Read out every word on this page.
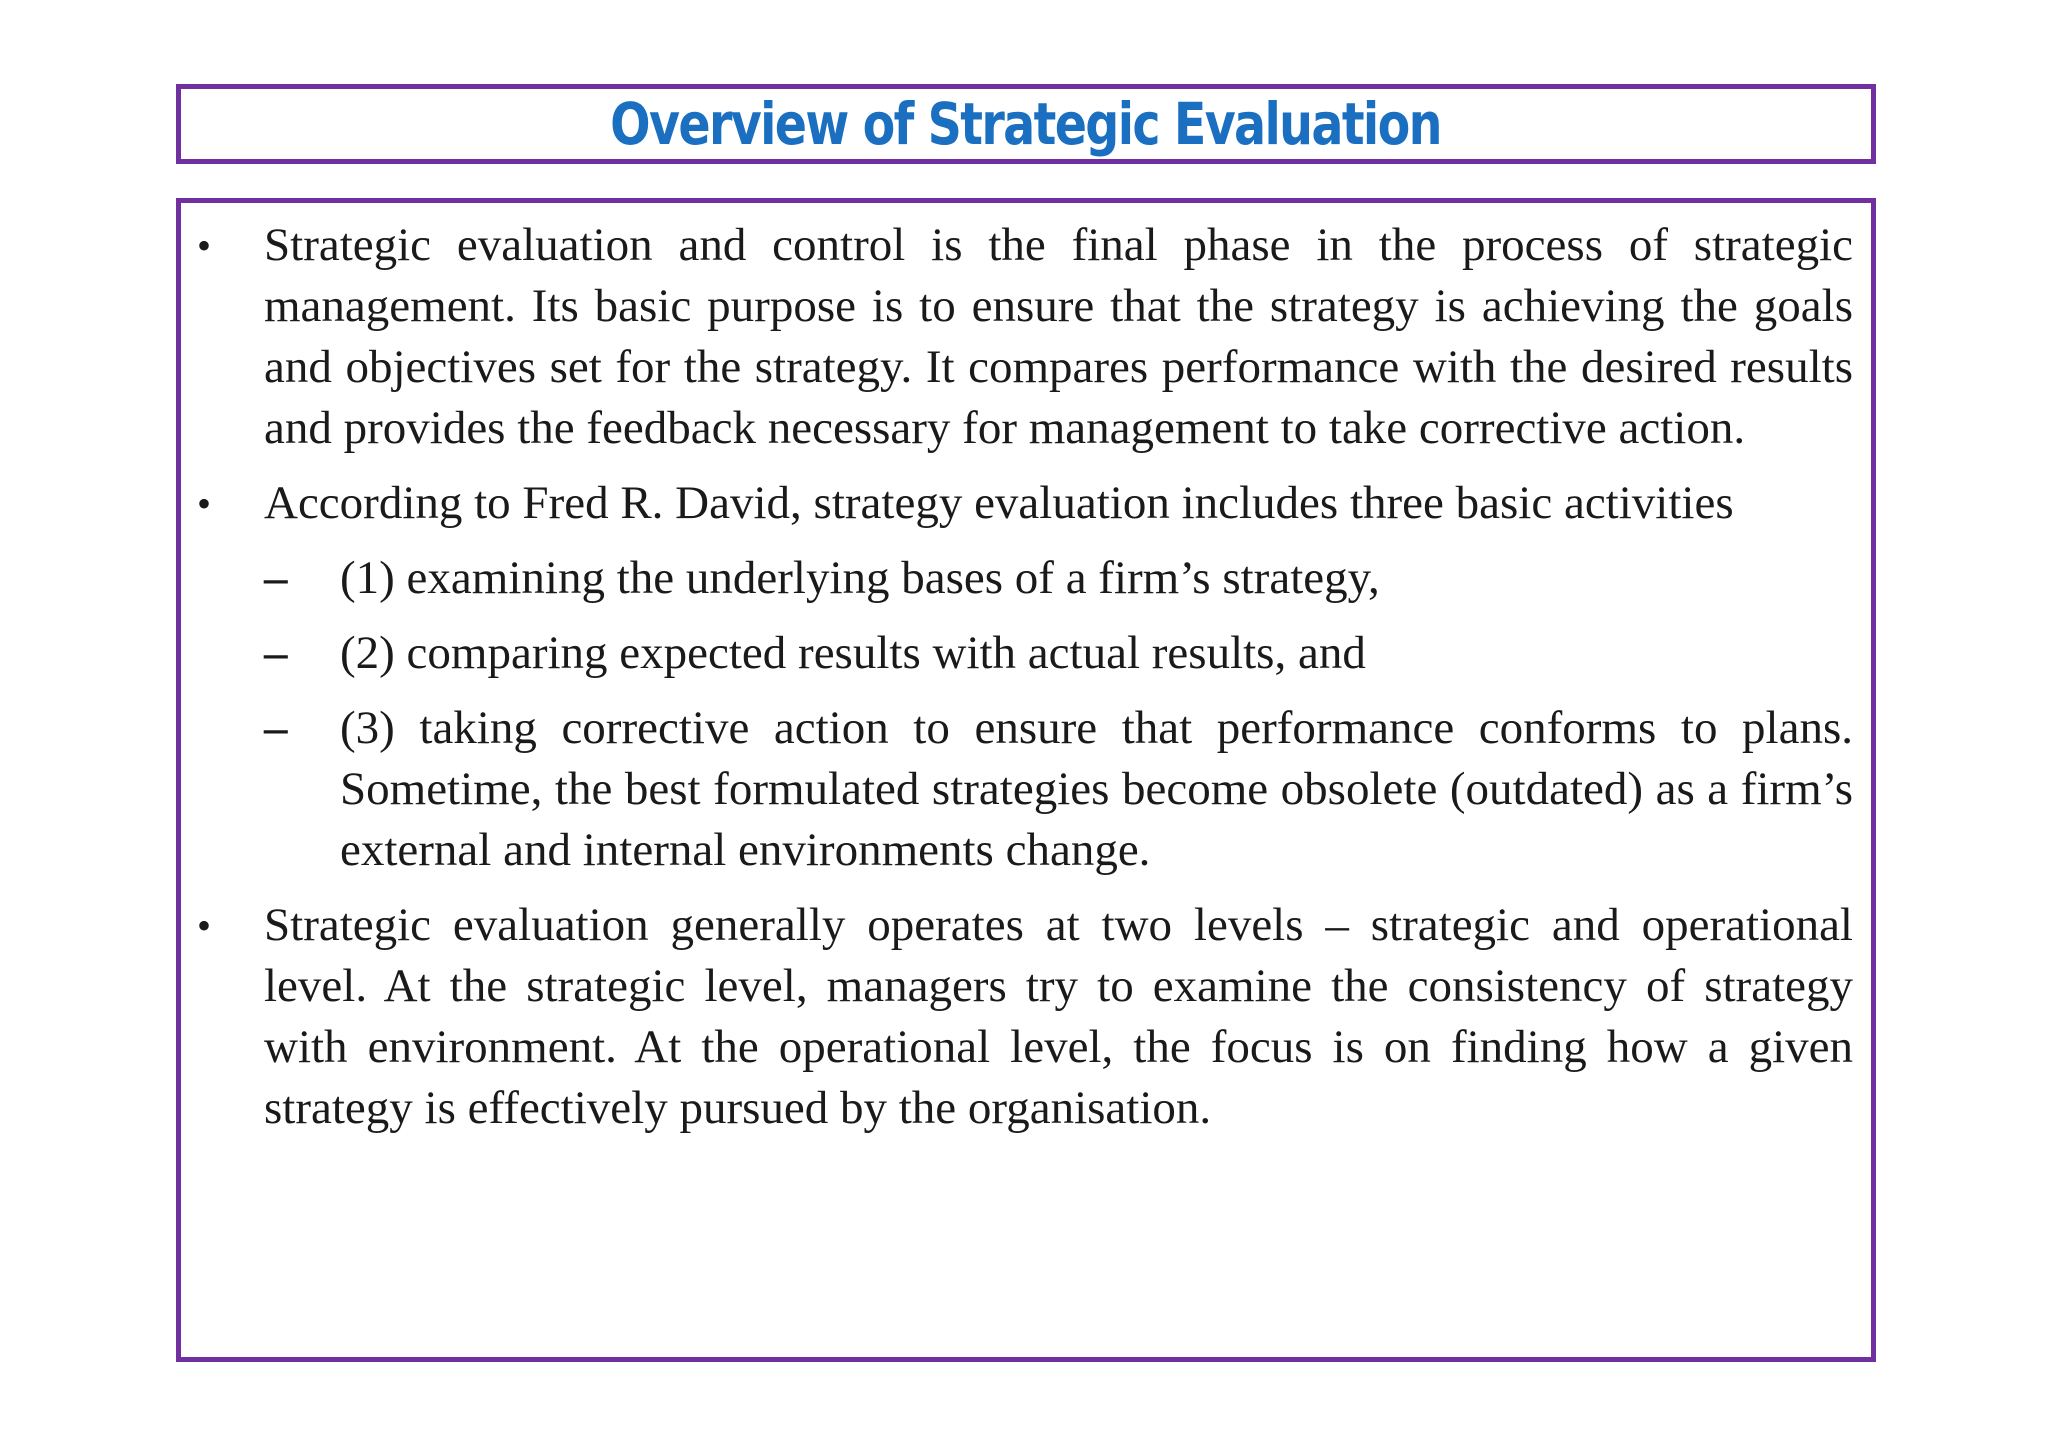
Overview of Strategic Evaluation
•	Strategic evaluation and control is the final phase in the process of strategic management. Its basic purpose is to ensure that the strategy is achieving the goals and objectives set for the strategy. It compares performance with the desired results and provides the feedback necessary for management to take corrective action.
•	According to Fred R. David, strategy evaluation includes three basic activities
–	(1) examining the underlying bases of a firm’s strategy,
–	(2) comparing expected results with actual results, and
–	(3) taking corrective action to ensure that performance conforms to plans. Sometime, the best formulated strategies become obsolete (outdated) as a firm’s external and internal environments change.
•	Strategic evaluation generally operates at two levels – strategic and operational level. At the strategic level, managers try to examine the consistency of strategy with environment. At the operational level, the focus is on finding how a given strategy is effectively pursued by the organisation.
